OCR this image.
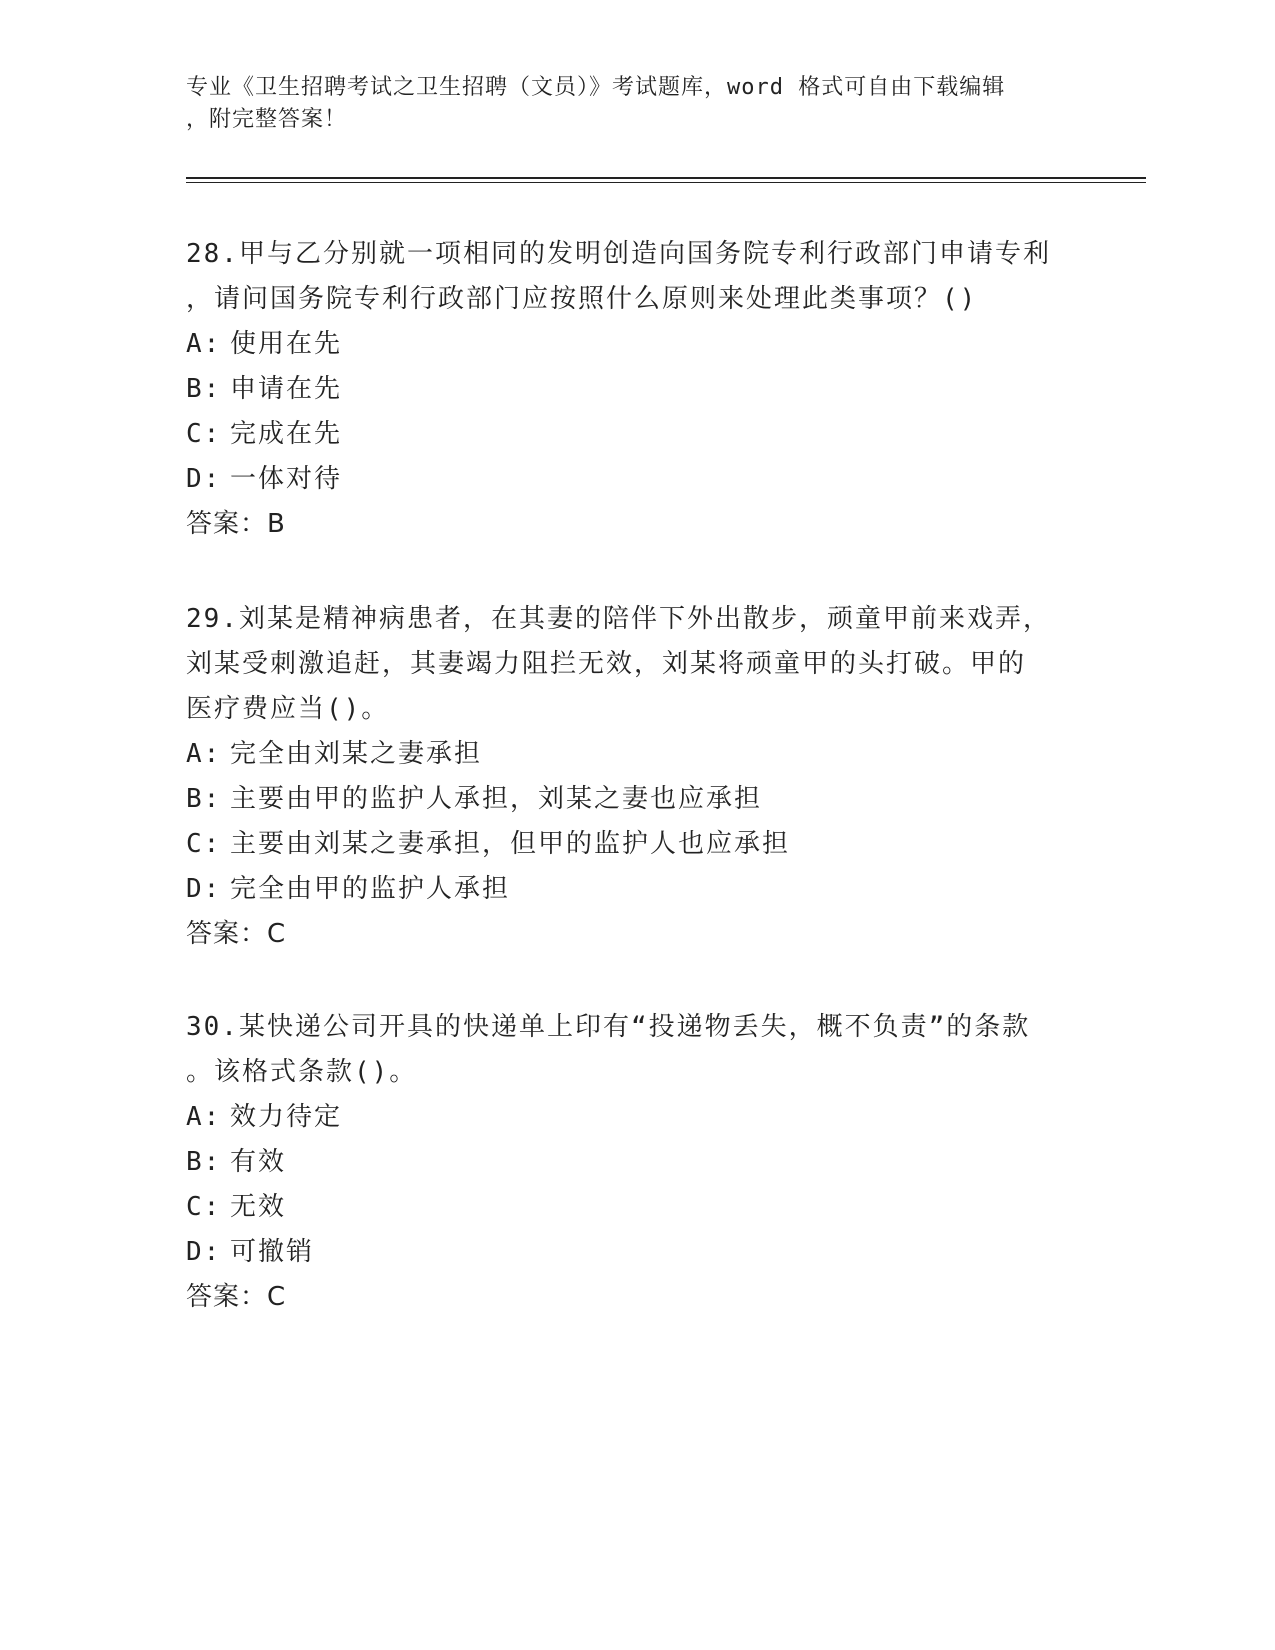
专业《卫生招聘考试之卫生招聘（文员）》考试题库，word 格式可自由下载编辑
，附完整答案！
28.甲与乙分别就一项相同的发明创造向国务院专利行政部门申请专利
，请问国务院专利行政部门应按照什么原则来处理此类事项？()
A: 使用在先
B: 申请在先
C: 完成在先
D: 一体对待
答案：B
29.刘某是精神病患者，在其妻的陪伴下外出散步，顽童甲前来戏弄，
刘某受刺激追赶，其妻竭力阻拦无效，刘某将顽童甲的头打破。甲的
医疗费应当()。
A: 完全由刘某之妻承担
B: 主要由甲的监护人承担，刘某之妻也应承担
C: 主要由刘某之妻承担，但甲的监护人也应承担
D: 完全由甲的监护人承担
答案：C
30.某快递公司开具的快递单上印有“投递物丢失，概不负责”的条款
。该格式条款()。
A: 效力待定
B: 有效
C: 无效
D: 可撤销
答案：C
